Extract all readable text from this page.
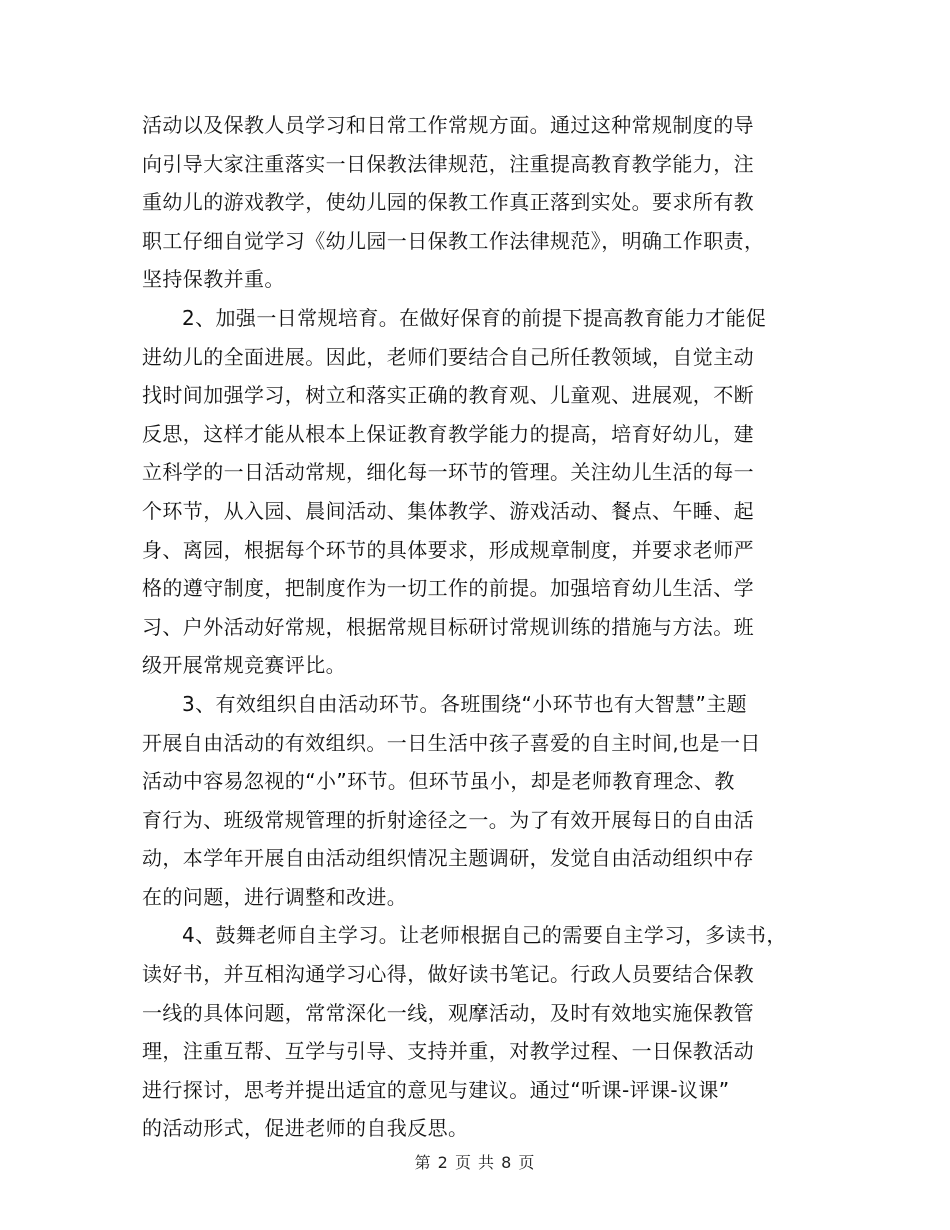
活动以及保教人员学习和日常工作常规方面。通过这种常规制度的导
向引导大家注重落实一日保教法律规范，注重提高教育教学能力，注
重幼儿的游戏教学，使幼儿园的保教工作真正落到实处。要求所有教
职工仔细自觉学习《幼儿园一日保教工作法律规范》，明确工作职责，
坚持保教并重。
2、加强一日常规培育。在做好保育的前提下提高教育能力才能促
进幼儿的全面进展。因此，老师们要结合自己所任教领域，自觉主动
找时间加强学习，树立和落实正确的教育观、儿童观、进展观，不断
反思，这样才能从根本上保证教育教学能力的提高，培育好幼儿，建
立科学的一日活动常规，细化每一环节的管理。关注幼儿生活的每一
个环节，从入园、晨间活动、集体教学、游戏活动、餐点、午睡、起
身、离园，根据每个环节的具体要求，形成规章制度，并要求老师严
格的遵守制度，把制度作为一切工作的前提。加强培育幼儿生活、学
习、户外活动好常规，根据常规目标研讨常规训练的措施与方法。班
级开展常规竞赛评比。
3、有效组织自由活动环节。各班围绕“小环节也有大智慧”主题
开展自由活动的有效组织。一日生活中孩子喜爱的自主时间,也是一日
活动中容易忽视的“小”环节。但环节虽小，却是老师教育理念、教
育行为、班级常规管理的折射途径之一。为了有效开展每日的自由活
动，本学年开展自由活动组织情况主题调研，发觉自由活动组织中存
在的问题，进行调整和改进。
4、鼓舞老师自主学习。让老师根据自己的需要自主学习，多读书，
读好书，并互相沟通学习心得，做好读书笔记。行政人员要结合保教
一线的具体问题，常常深化一线，观摩活动，及时有效地实施保教管
理，注重互帮、互学与引导、支持并重，对教学过程、一日保教活动
进行探讨，思考并提出适宜的意见与建议。通过“听课-评课-议课”
的活动形式，促进老师的自我反思。
第 2 页 共 8 页
